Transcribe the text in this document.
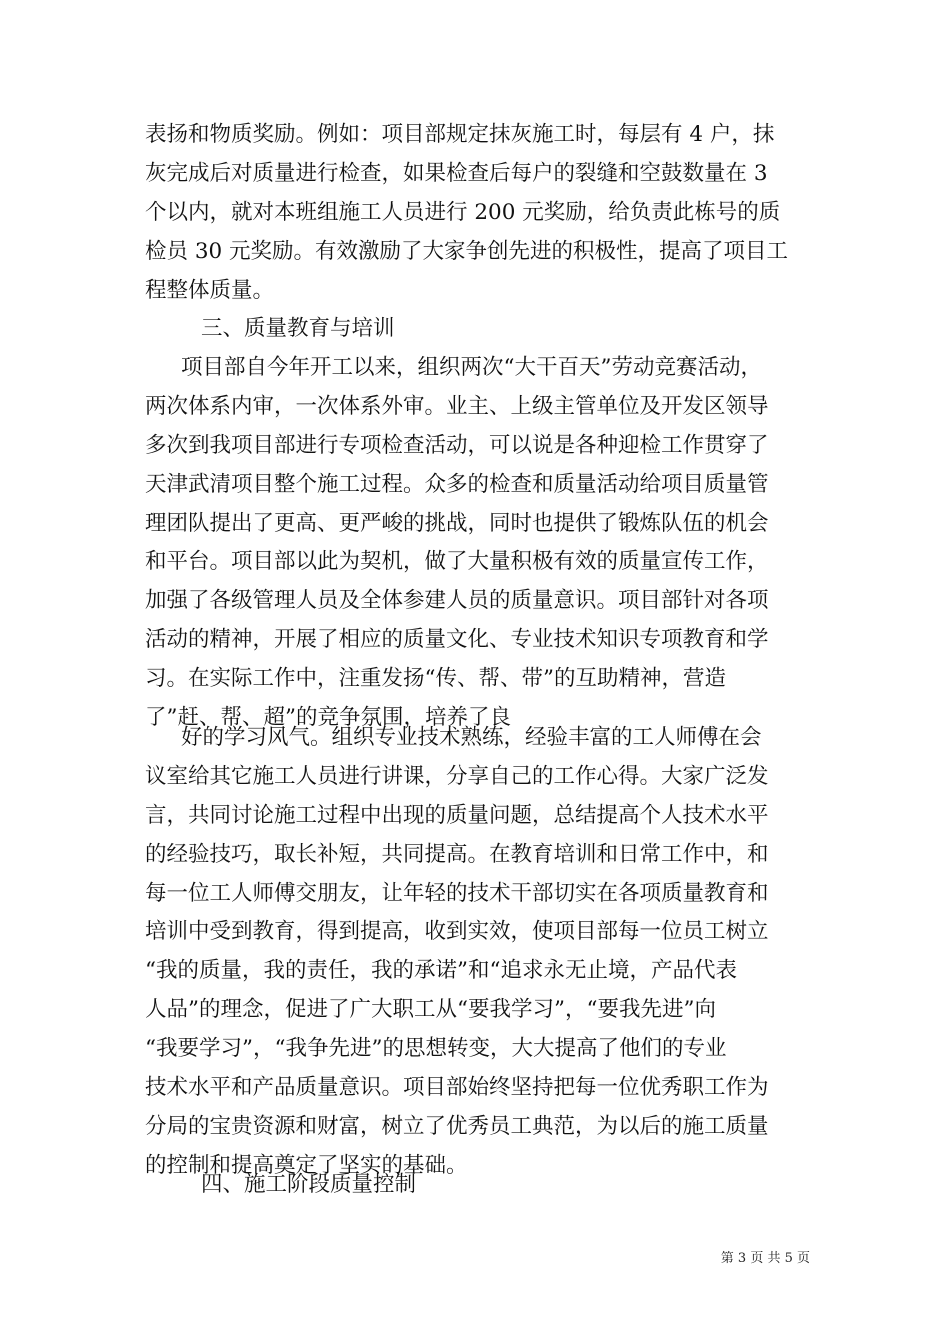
表扬和物质奖励。例如：项目部规定抹灰施工时，每层有 4 户，抹
灰完成后对质量进行检查，如果检查后每户的裂缝和空鼓数量在 3
个以内，就对本班组施工人员进行 200 元奖励，给负责此栋号的质
检员 30 元奖励。有效激励了大家争创先进的积极性，提高了项目工
程整体质量。
三、质量教育与培训
项目部自今年开工以来，组织两次“大干百天”劳动竞赛活动，
两次体系内审，一次体系外审。业主、上级主管单位及开发区领导
多次到我项目部进行专项检查活动，可以说是各种迎检工作贯穿了
天津武清项目整个施工过程。众多的检查和质量活动给项目质量管
理团队提出了更高、更严峻的挑战，同时也提供了锻炼队伍的机会
和平台。项目部以此为契机，做了大量积极有效的质量宣传工作，
加强了各级管理人员及全体参建人员的质量意识。项目部针对各项
活动的精神，开展了相应的质量文化、专业技术知识专项教育和学
习。在实际工作中，注重发扬“传、帮、带”的互助精神，营造
了”赶、帮、超”的竞争氛围，培养了良
好的学习风气。组织专业技术熟练，经验丰富的工人师傅在会
议室给其它施工人员进行讲课，分享自己的工作心得。大家广泛发
言，共同讨论施工过程中出现的质量问题，总结提高个人技术水平
的经验技巧，取长补短，共同提高。在教育培训和日常工作中，和
每一位工人师傅交朋友，让年轻的技术干部切实在各项质量教育和
培训中受到教育，得到提高，收到实效，使项目部每一位员工树立
“我的质量，我的责任，我的承诺”和“追求永无止境，产品代表
人品”的理念，促进了广大职工从“要我学习”，“要我先进”向
“我要学习”，“我争先进”的思想转变，大大提高了他们的专业
技术水平和产品质量意识。项目部始终坚持把每一位优秀职工作为
分局的宝贵资源和财富，树立了优秀员工典范，为以后的施工质量
的控制和提高奠定了坚实的基础。
四、施工阶段质量控制
第 3 页 共 5 页
